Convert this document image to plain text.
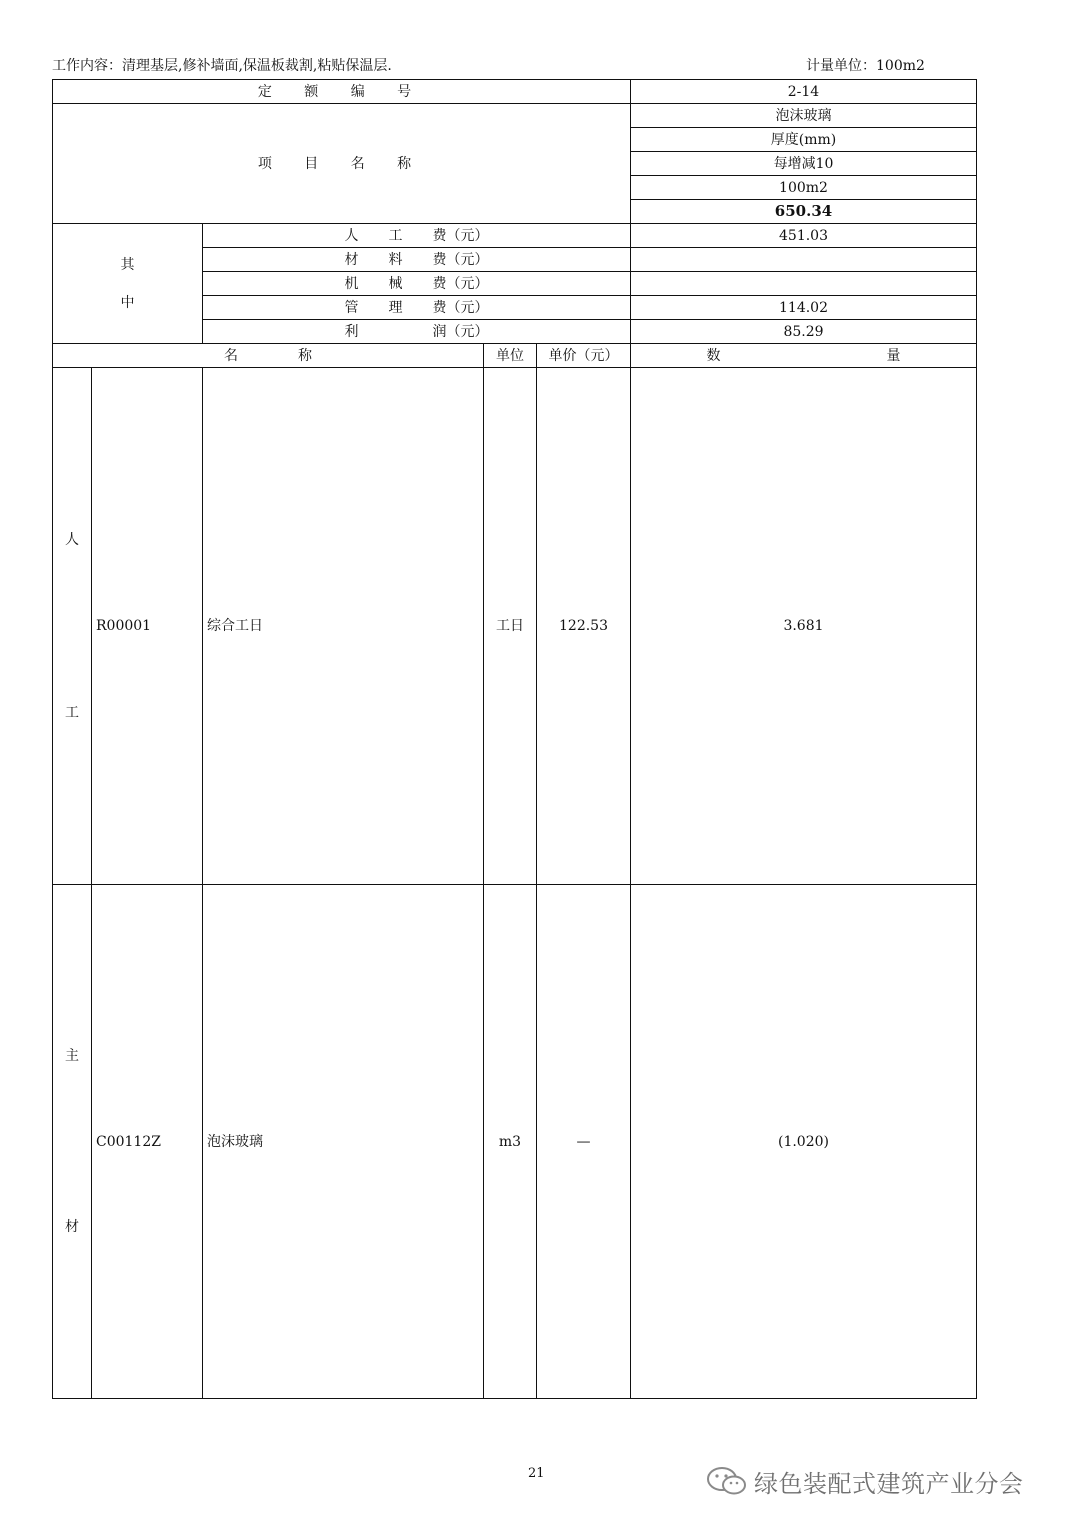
工作内容：清理基层,修补墙面,保温板裁割,粘贴保温层.	计量单位：100m2
定 额 编 号					2-14
项 目 名 称					泡沫玻璃
					厚度(mm)
					每增减10
					100m2
					650.34

其
中		人 工 费（元）			451.03
		材 料 费（元）			
		机 械 费（元）			
		管 理 费（元）			114.02
		利 润（元）			85.29
名 称			单位	单价（元）	数 量

人
工	R00001	综合工日	工日	122.53	3.681

主
材	C00112Z	泡沫玻璃	m3	—	(1.020)
21	绿色装配式建筑产业分会
